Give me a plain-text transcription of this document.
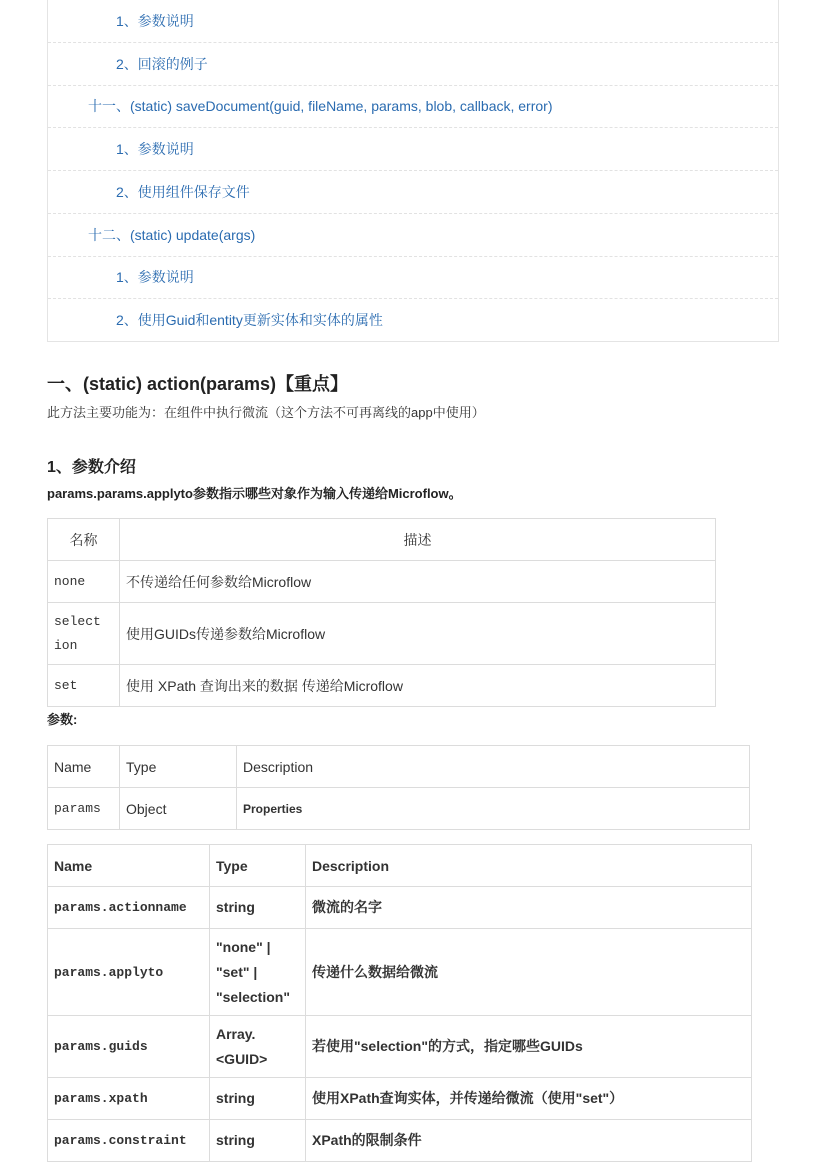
1、参数说明
2、回滚的例子
十一、(static) saveDocument(guid, fileName, params, blob, callback, error)
1、参数说明
2、使用组件保存文件
十二、(static) update(args)
1、参数说明
2、使用Guid和entity更新实体和实体的属性
一、(static) action(params)【重点】
此方法主要功能为：在组件中执行微流（这个方法不可再离线的app中使用）
1、参数介绍
params.params.applyto参数指示哪些对象作为输入传递给Microflow。
名称	描述
none	不传递给任何参数给Microflow
select
ion	使用GUIDs传递参数给Microflow
set	使用 XPath 查询出来的数据 传递给Microflow
参数:
Name	Type	Description
params	Object	Properties
Name	Type	Description
params.actionname	string	微流的名字
params.applyto	"none" |
"set" |
"selection"	传递什么数据给微流
params.guids	Array.
<GUID>	若使用"selection"的方式，指定哪些GUIDs
params.xpath	string	使用XPath查询实体，并传递给微流（使用"set"）
params.constraint	string	XPath的限制条件
